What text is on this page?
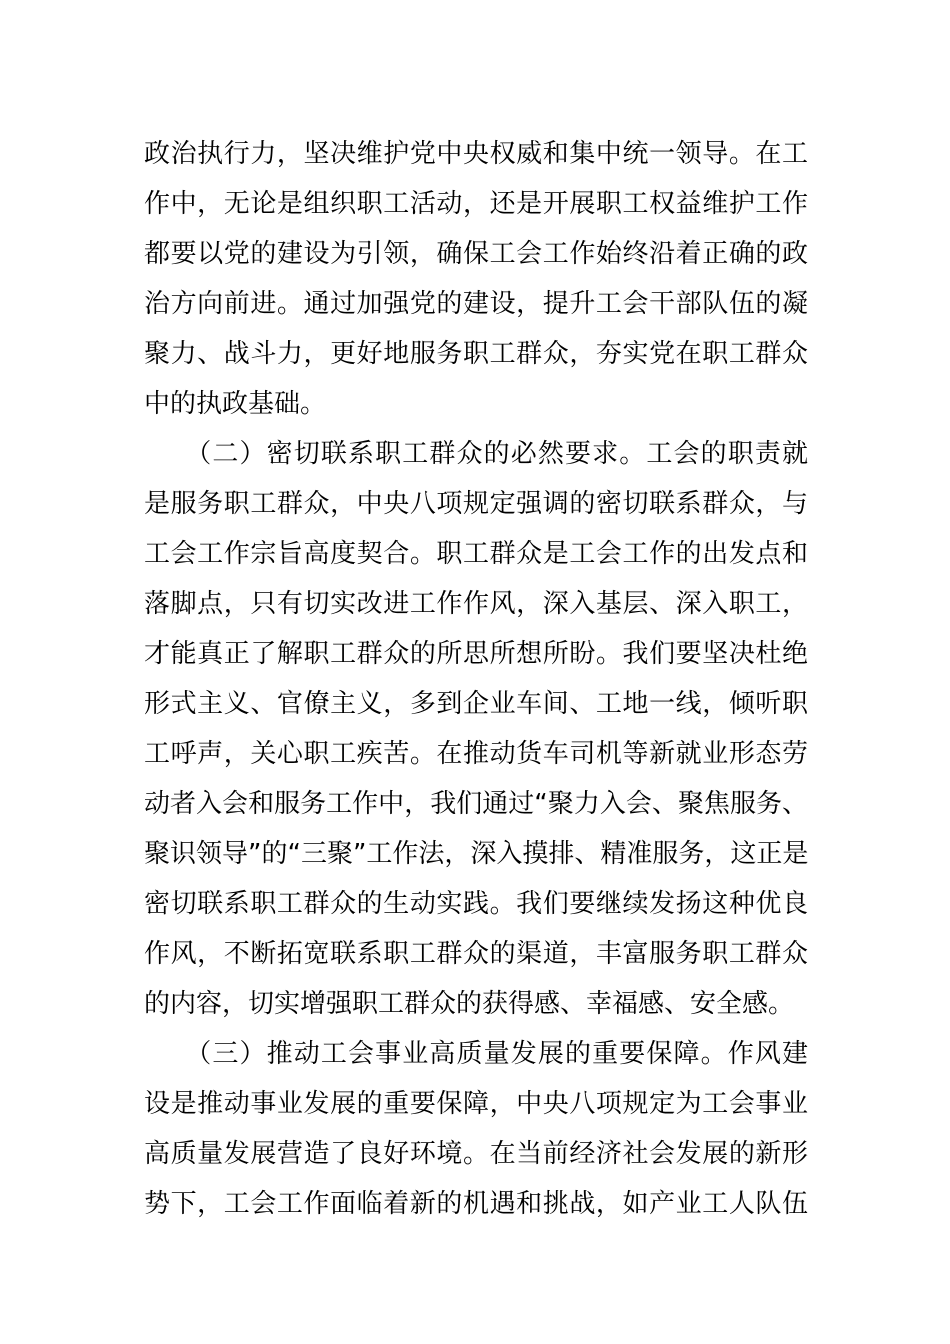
政治执行力，坚决维护党中央权威和集中统一领导。在工
作中，无论是组织职工活动，还是开展职工权益维护工作
都要以党的建设为引领，确保工会工作始终沿着正确的政
治方向前进。通过加强党的建设，提升工会干部队伍的凝
聚力、战斗力，更好地服务职工群众，夯实党在职工群众
中的执政基础。
　　（二）密切联系职工群众的必然要求。工会的职责就
是服务职工群众，中央八项规定强调的密切联系群众，与
工会工作宗旨高度契合。职工群众是工会工作的出发点和
落脚点，只有切实改进工作作风，深入基层、深入职工，
才能真正了解职工群众的所思所想所盼。我们要坚决杜绝
形式主义、官僚主义，多到企业车间、工地一线，倾听职
工呼声，关心职工疾苦。在推动货车司机等新就业形态劳
动者入会和服务工作中，我们通过“聚力入会、聚焦服务、
聚识领导”的“三聚”工作法，深入摸排、精准服务，这正是
密切联系职工群众的生动实践。我们要继续发扬这种优良
作风，不断拓宽联系职工群众的渠道，丰富服务职工群众
的内容，切实增强职工群众的获得感、幸福感、安全感。
　　（三）推动工会事业高质量发展的重要保障。作风建
设是推动事业发展的重要保障，中央八项规定为工会事业
高质量发展营造了良好环境。在当前经济社会发展的新形
势下，工会工作面临着新的机遇和挑战，如产业工人队伍
